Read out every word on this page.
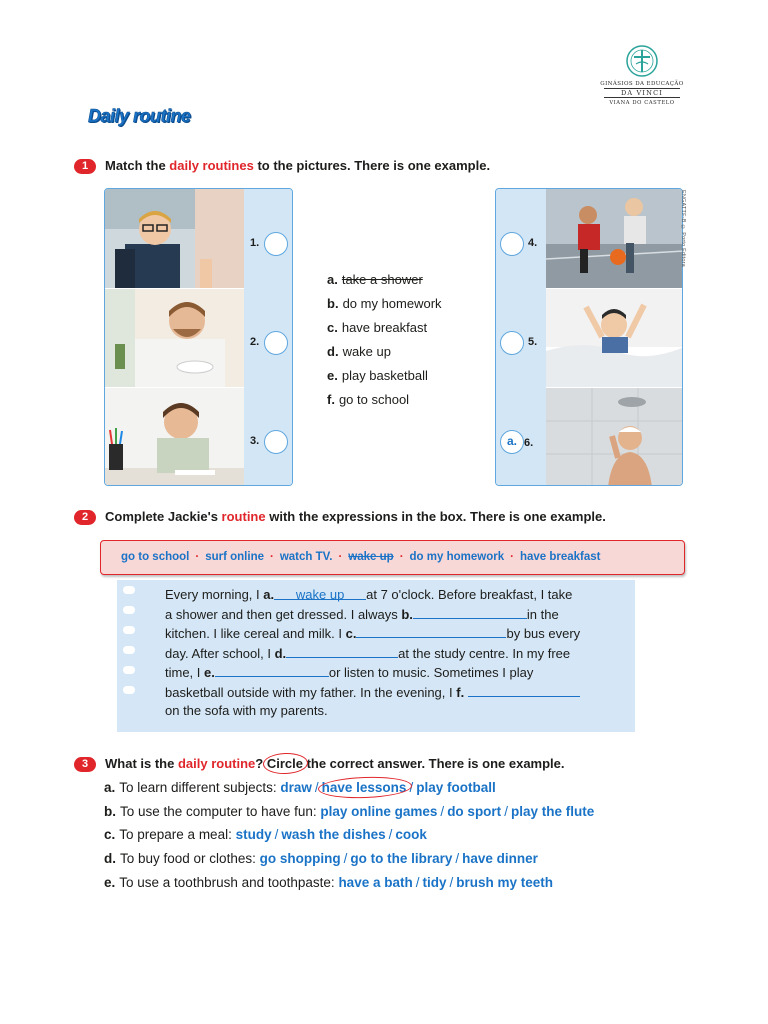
GINÁSIOS DA EDUCAÇÃO
DA VINCI
VIANA DO CASTELO
Daily routine
1	Match the daily routines to the pictures. There is one example.
1.
2.
3.
a. take a shower
b. do my homework
c. have breakfast
d. wake up
e. play basketball
f. go to school
4.
5.
a. 6.
ENGATTF-B © Porto Editora
2	Complete Jackie's routine with the expressions in the box. There is one example.
go to school · surf online · watch TV. · wake up · do my homework · have breakfast
Every morning, I a. wake up at 7 o'clock. Before breakfast, I take
a shower and then get dressed. I always b.	in the
kitchen. I like cereal and milk. I c.	by bus every
day. After school, I d.	at the study centre. In my free
time, I e.	or listen to music. Sometimes I play
basketball outside with my father. In the evening, I f.
on the sofa with my parents.
3	What is the daily routine? Circle the correct answer. There is one example.
a. To learn different subjects: draw / have lessons / play football
b. To use the computer to have fun: play online games / do sport / play the flute
c. To prepare a meal: study / wash the dishes / cook
d. To buy food or clothes: go shopping / go to the library / have dinner
e. To use a toothbrush and toothpaste: have a bath / tidy / brush my teeth
